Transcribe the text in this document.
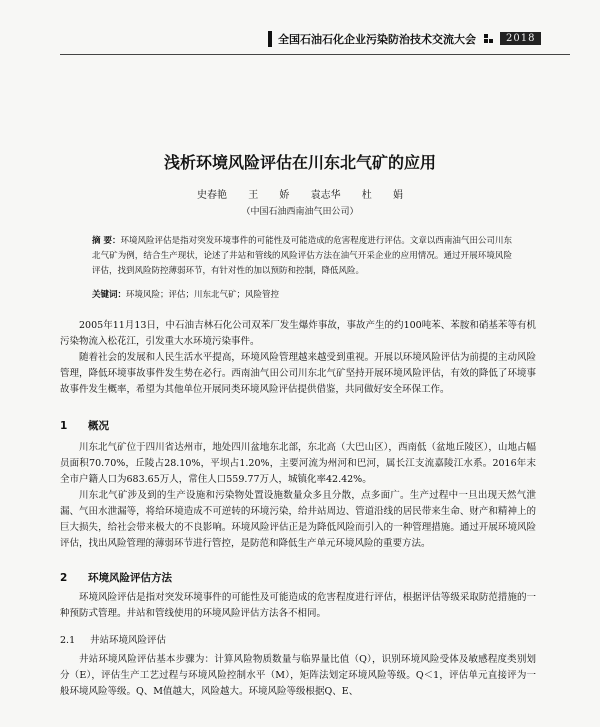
全国石油石化企业污染防治技术交流大会	2018
浅析环境风险评估在川东北气矿的应用
史春艳 王 娇 袁志华 杜 娟
（中国石油西南油气田公司）
摘 要：环境风险评估是指对突发环境事件的可能性及可能造成的危害程度进行评估。文章以西南油气田公司川东北气矿为例，结合生产现状，论述了井站和管线的风险评估方法在油气开采企业的应用情况。通过开展环境风险评估，找到风险防控薄弱环节，有针对性的加以预防和控制，降低风险。
关键词：环境风险；评估；川东北气矿；风险管控

2005年11月13日，中石油吉林石化公司双苯厂发生爆炸事故，事故产生的约100吨苯、苯胺和硝基苯等有机污染物流入松花江，引发重大水环境污染事件。

随着社会的发展和人民生活水平提高，环境风险管理越来越受到重视。开展以环境风险评估为前提的主动风险管理，降低环境事故事件发生势在必行。西南油气田公司川东北气矿坚持开展环境风险评估，有效的降低了环境事故事件发生概率，希望为其他单位开展同类环境风险评估提供借鉴，共同做好安全环保工作。

1 概况

川东北气矿位于四川省达州市，地处四川盆地东北部，东北高（大巴山区），西南低（盆地丘陵区），山地占幅员面积70.70%，丘陵占28.10%，平坝占1.20%，主要河流为州河和巴河，属长江支流嘉陵江水系。2016年末全市户籍人口为683.65万人，常住人口559.77万人，城镇化率42.42%。

川东北气矿涉及到的生产设施和污染物处置设施数量众多且分散，点多面广。生产过程中一旦出现天然气泄漏、气田水泄漏等，将给环境造成不可逆转的环境污染，给井站周边、管道沿线的居民带来生命、财产和精神上的巨大损失，给社会带来极大的不良影响。环境风险评估正是为降低风险而引入的一种管理措施。通过开展环境风险评估，找出风险管理的薄弱环节进行管控，是防范和降低生产单元环境风险的重要方法。

2 环境风险评估方法

环境风险评估是指对突发环境事件的可能性及可能造成的危害程度进行评估，根据评估等级采取防范措施的一种预防式管理。井站和管线使用的环境风险评估方法各不相同。

2.1 井站环境风险评估

井站环境风险评估基本步骤为：计算风险物质数量与临界量比值（Q），识别环境风险受体及敏感程度类别划分（E），评估生产工艺过程与环境风险控制水平（M），矩阵法划定环境风险等级。Q＜1，评估单元直接评为一般环境风险等级。Q、M值越大，风险越大。环境风险等级根据Q、E、
